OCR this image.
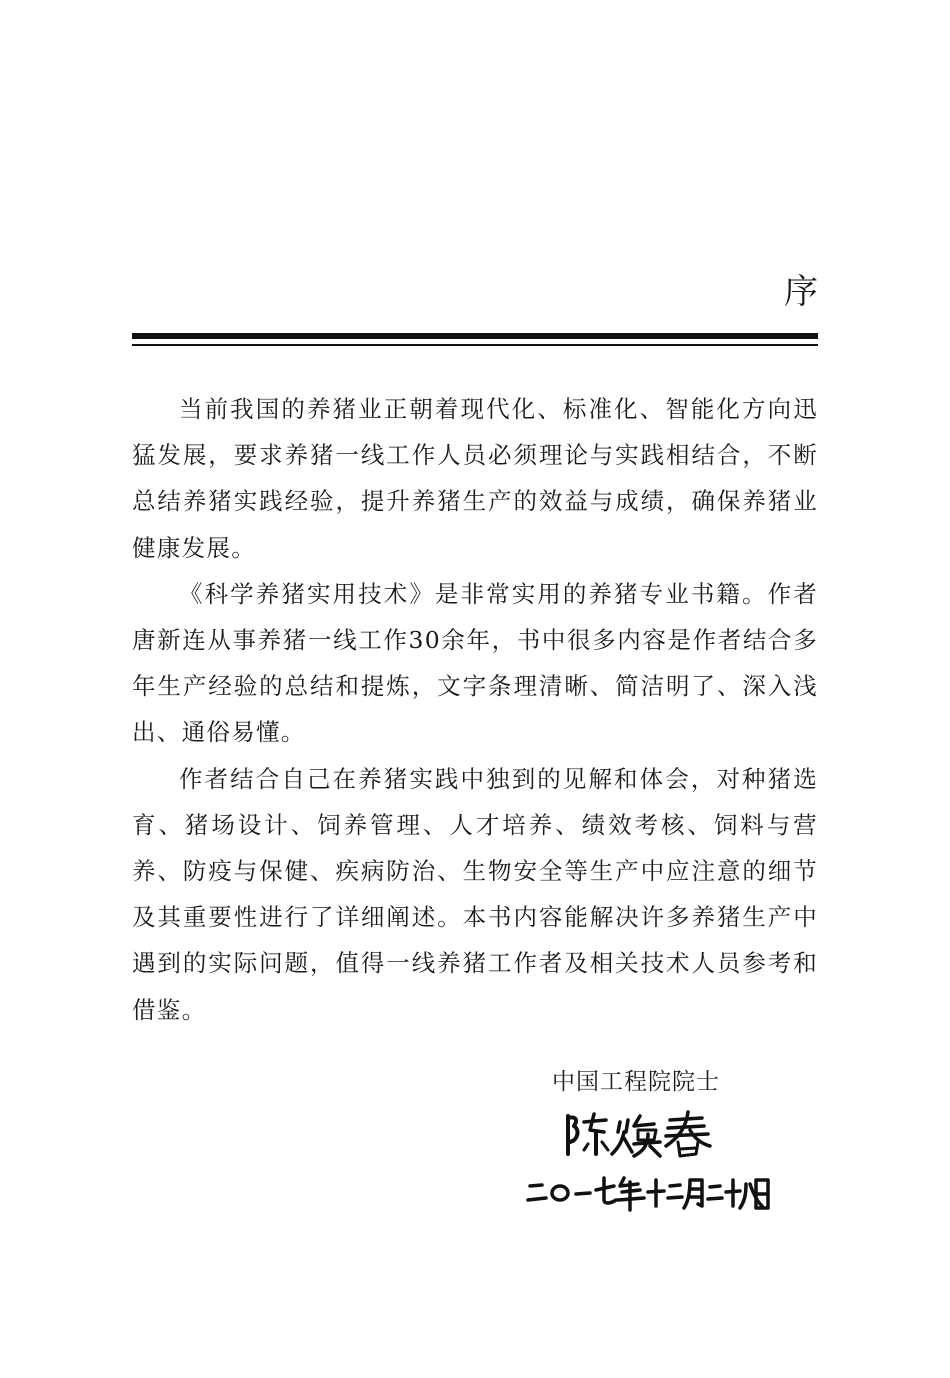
序

当前我国的养猪业正朝着现代化、标准化、智能化方向迅猛发展，要求养猪一线工作人员必须理论与实践相结合，不断总结养猪实践经验，提升养猪生产的效益与成绩，确保养猪业健康发展。

《科学养猪实用技术》是非常实用的养猪专业书籍。作者唐新连从事养猪一线工作30余年，书中很多内容是作者结合多年生产经验的总结和提炼，文字条理清晰、简洁明了、深入浅出、通俗易懂。

作者结合自己在养猪实践中独到的见解和体会，对种猪选育、猪场设计、饲养管理、人才培养、绩效考核、饲料与营养、防疫与保健、疾病防治、生物安全等生产中应注意的细节及其重要性进行了详细阐述。本书内容能解决许多养猪生产中遇到的实际问题，值得一线养猪工作者及相关技术人员参考和借鉴。

中国工程院院士
